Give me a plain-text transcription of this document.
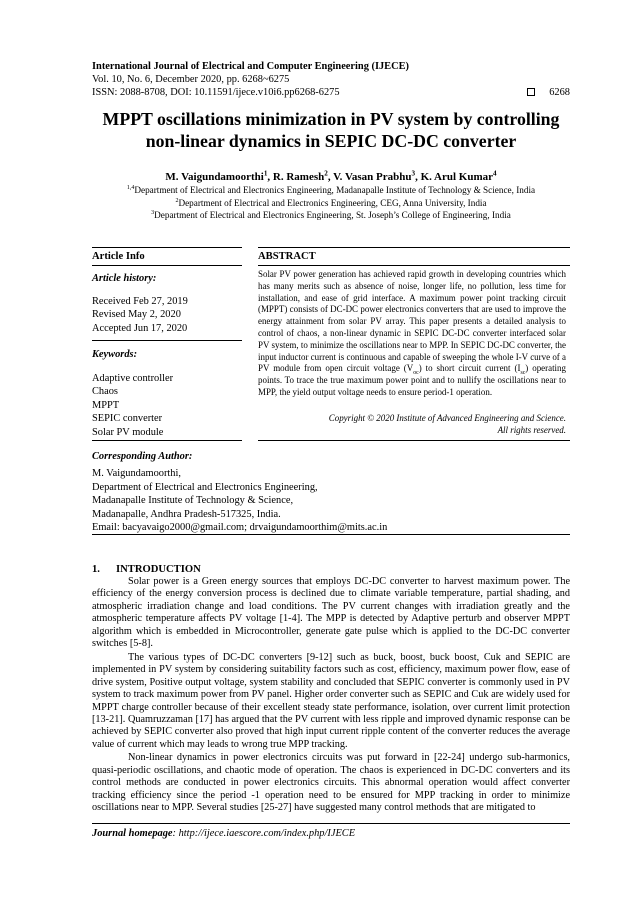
International Journal of Electrical and Computer Engineering (IJECE)
Vol. 10, No. 6, December 2020, pp. 6268~6275
ISSN: 2088-8708, DOI: 10.11591/ijece.v10i6.pp6268-6275	6268
MPPT oscillations minimization in PV system by controlling
non-linear dynamics in SEPIC DC-DC converter
M. Vaigundamoorthi$^1$, R. Ramesh$^2$, V. Vasan Prabhu$^3$, K. Arul Kumar$^4$
$^{1,4}$Department of Electrical and Electronics Engineering, Madanapalle Institute of Technology & Science, India
$^2$Department of Electrical and Electronics Engineering, CEG, Anna University, India
$^3$Department of Electrical and Electronics Engineering, St. Joseph’s College of Engineering, India
Article Info	ABSTRACT
Article history:
Received Feb 27, 2019
Revised May 2, 2020
Accepted Jun 17, 2020
Keywords:
Adaptive controller
Chaos
MPPT
SEPIC converter
Solar PV module
Solar PV power generation has achieved rapid growth in developing countries which has many merits such as absence of noise, longer life, no pollution, less time for installation, and ease of grid interface. A maximum power point tracking circuit (MPPT) consists of DC-DC power electronics converters that are used to improve the energy attainment from solar PV array. This paper presents a detailed analysis to control of chaos, a non-linear dynamic in SEPIC DC-DC converter interfaced solar PV system, to minimize the oscillations near to MPP. In SEPIC DC-DC converter, the input inductor current is continuous and capable of sweeping the whole I-V curve of a PV module from open circuit voltage $(V_{oc})$ to short circuit current $(I_{sc})$ operating points. To trace the true maximum power point and to nullify the oscillations near to MPP, the yield output voltage needs to ensure period-1 operation.
Copyright © 2020 Institute of Advanced Engineering and Science.
All rights reserved.
Corresponding Author:
M. Vaigundamoorthi,
Department of Electrical and Electronics Engineering,
Madanapalle Institute of Technology & Science,
Madanapalle, Andhra Pradesh-517325, India.
Email: bacyavaigo2000@gmail.com; drvaigundamoorthim@mits.ac.in
1. INTRODUCTION

Solar power is a Green energy sources that employs DC-DC converter to harvest maximum power. The efficiency of the energy conversion process is declined due to climate variable temperature, partial shading, and atmospheric irradiation change and load conditions. The PV current changes with irradiation greatly and the atmospheric temperature affects PV voltage [1-4]. The MPP is detected by Adaptive perturb and observer MPPT algorithm which is embedded in Microcontroller, generate gate pulse which is applied to the DC-DC converter switches [5-8].

The various types of DC-DC converters [9-12] such as buck, boost, buck boost, Cuk and SEPIC are implemented in PV system by considering suitability factors such as cost, efficiency, maximum power flow, ease of drive system, Positive output voltage, system stability and concluded that SEPIC converter is commonly used in PV system to track maximum power from PV panel. Higher order converter such as SEPIC and Cuk are widely used for MPPT charge controller because of their excellent steady state performance, isolation, over current limit protection [13-21]. Quamruzzaman [17] has argued that the PV current with less ripple and improved dynamic response can be achieved by SEPIC converter also proved that high input current ripple content of the converter reduces the average value of current which may leads to wrong true MPP tracking.

Non-linear dynamics in power electronics circuits was put forward in [22-24] undergo sub-harmonics, quasi-periodic oscillations, and chaotic mode of operation. The chaos is experienced in DC-DC converters and its control methods are conducted in power electronics circuits. This abnormal operation would affect converter tracking efficiency since the period -1 operation need to be ensured for MPP tracking in order to minimize oscillations near to MPP. Several studies [25-27] have suggested many control methods that are mitigated to

Journal homepage: http://ijece.iaescore.com/index.php/IJECE
